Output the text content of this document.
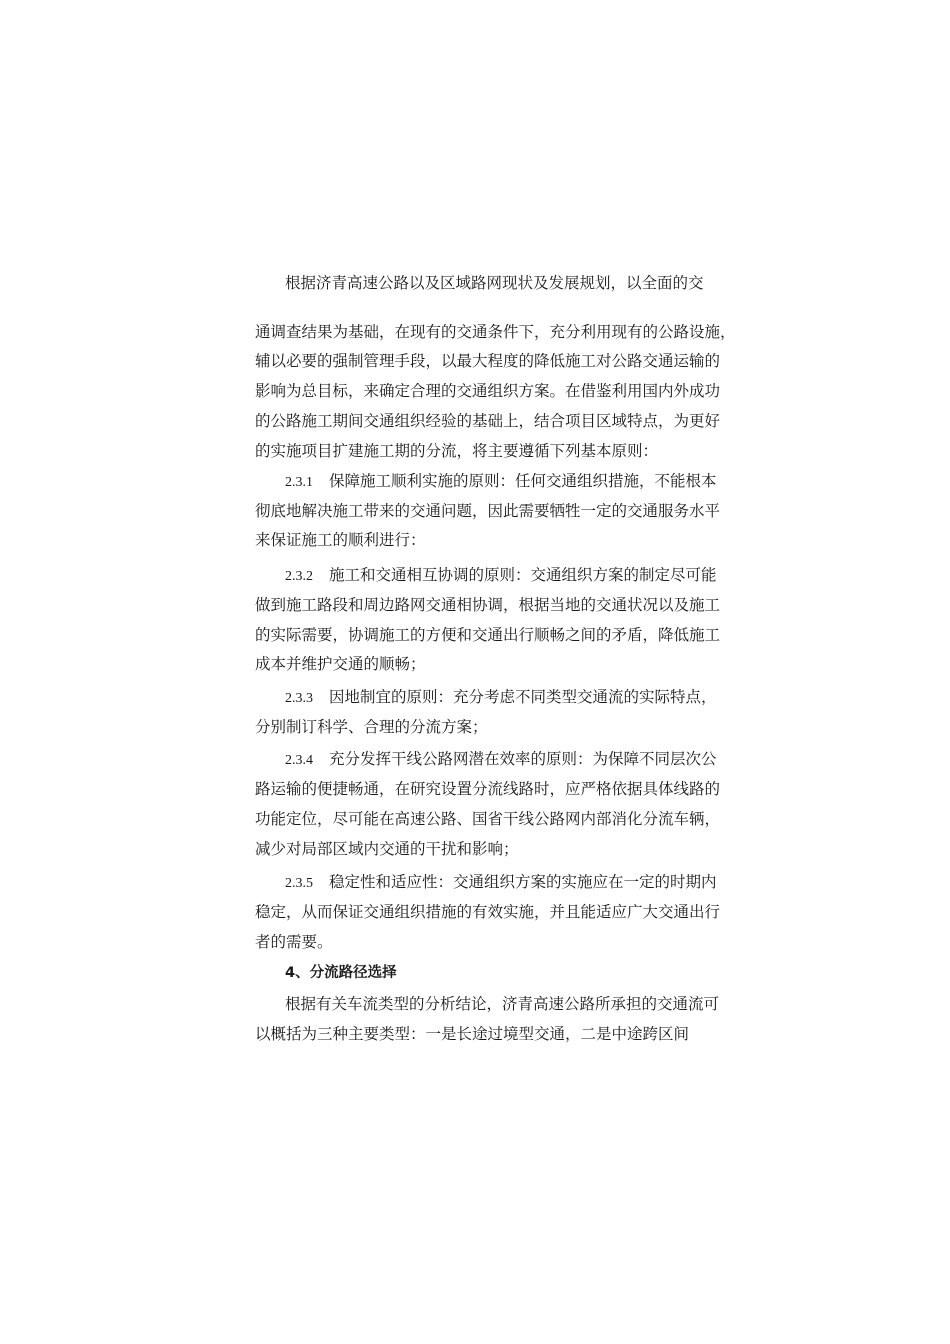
根据济青高速公路以及区域路网现状及发展规划，以全面的交
通调查结果为基础，在现有的交通条件下，充分利用现有的公路设施，
辅以必要的强制管理手段，以最大程度的降低施工对公路交通运输的
影响为总目标，来确定合理的交通组织方案。在借鉴利用国内外成功
的公路施工期间交通组织经验的基础上，结合项目区域特点，为更好
的实施项目扩建施工期的分流，将主要遵循下列基本原则：
2.3.1 保障施工顺利实施的原则：任何交通组织措施，不能根本
彻底地解决施工带来的交通问题，因此需要牺牲一定的交通服务水平
来保证施工的顺利进行：
2.3.2 施工和交通相互协调的原则：交通组织方案的制定尽可能
做到施工路段和周边路网交通相协调，根据当地的交通状况以及施工
的实际需要，协调施工的方便和交通出行顺畅之间的矛盾，降低施工
成本并维护交通的顺畅；
2.3.3 因地制宜的原则：充分考虑不同类型交通流的实际特点，
分别制订科学、合理的分流方案；
2.3.4 充分发挥干线公路网潜在效率的原则：为保障不同层次公
路运输的便捷畅通，在研究设置分流线路时，应严格依据具体线路的
功能定位，尽可能在高速公路、国省干线公路网内部消化分流车辆，
减少对局部区域内交通的干扰和影响；
2.3.5 稳定性和适应性：交通组织方案的实施应在一定的时期内
稳定，从而保证交通组织措施的有效实施，并且能适应广大交通出行
者的需要。
4、分流路径选择
根据有关车流类型的分析结论，济青高速公路所承担的交通流可
以概括为三种主要类型：一是长途过境型交通，二是中途跨区间
